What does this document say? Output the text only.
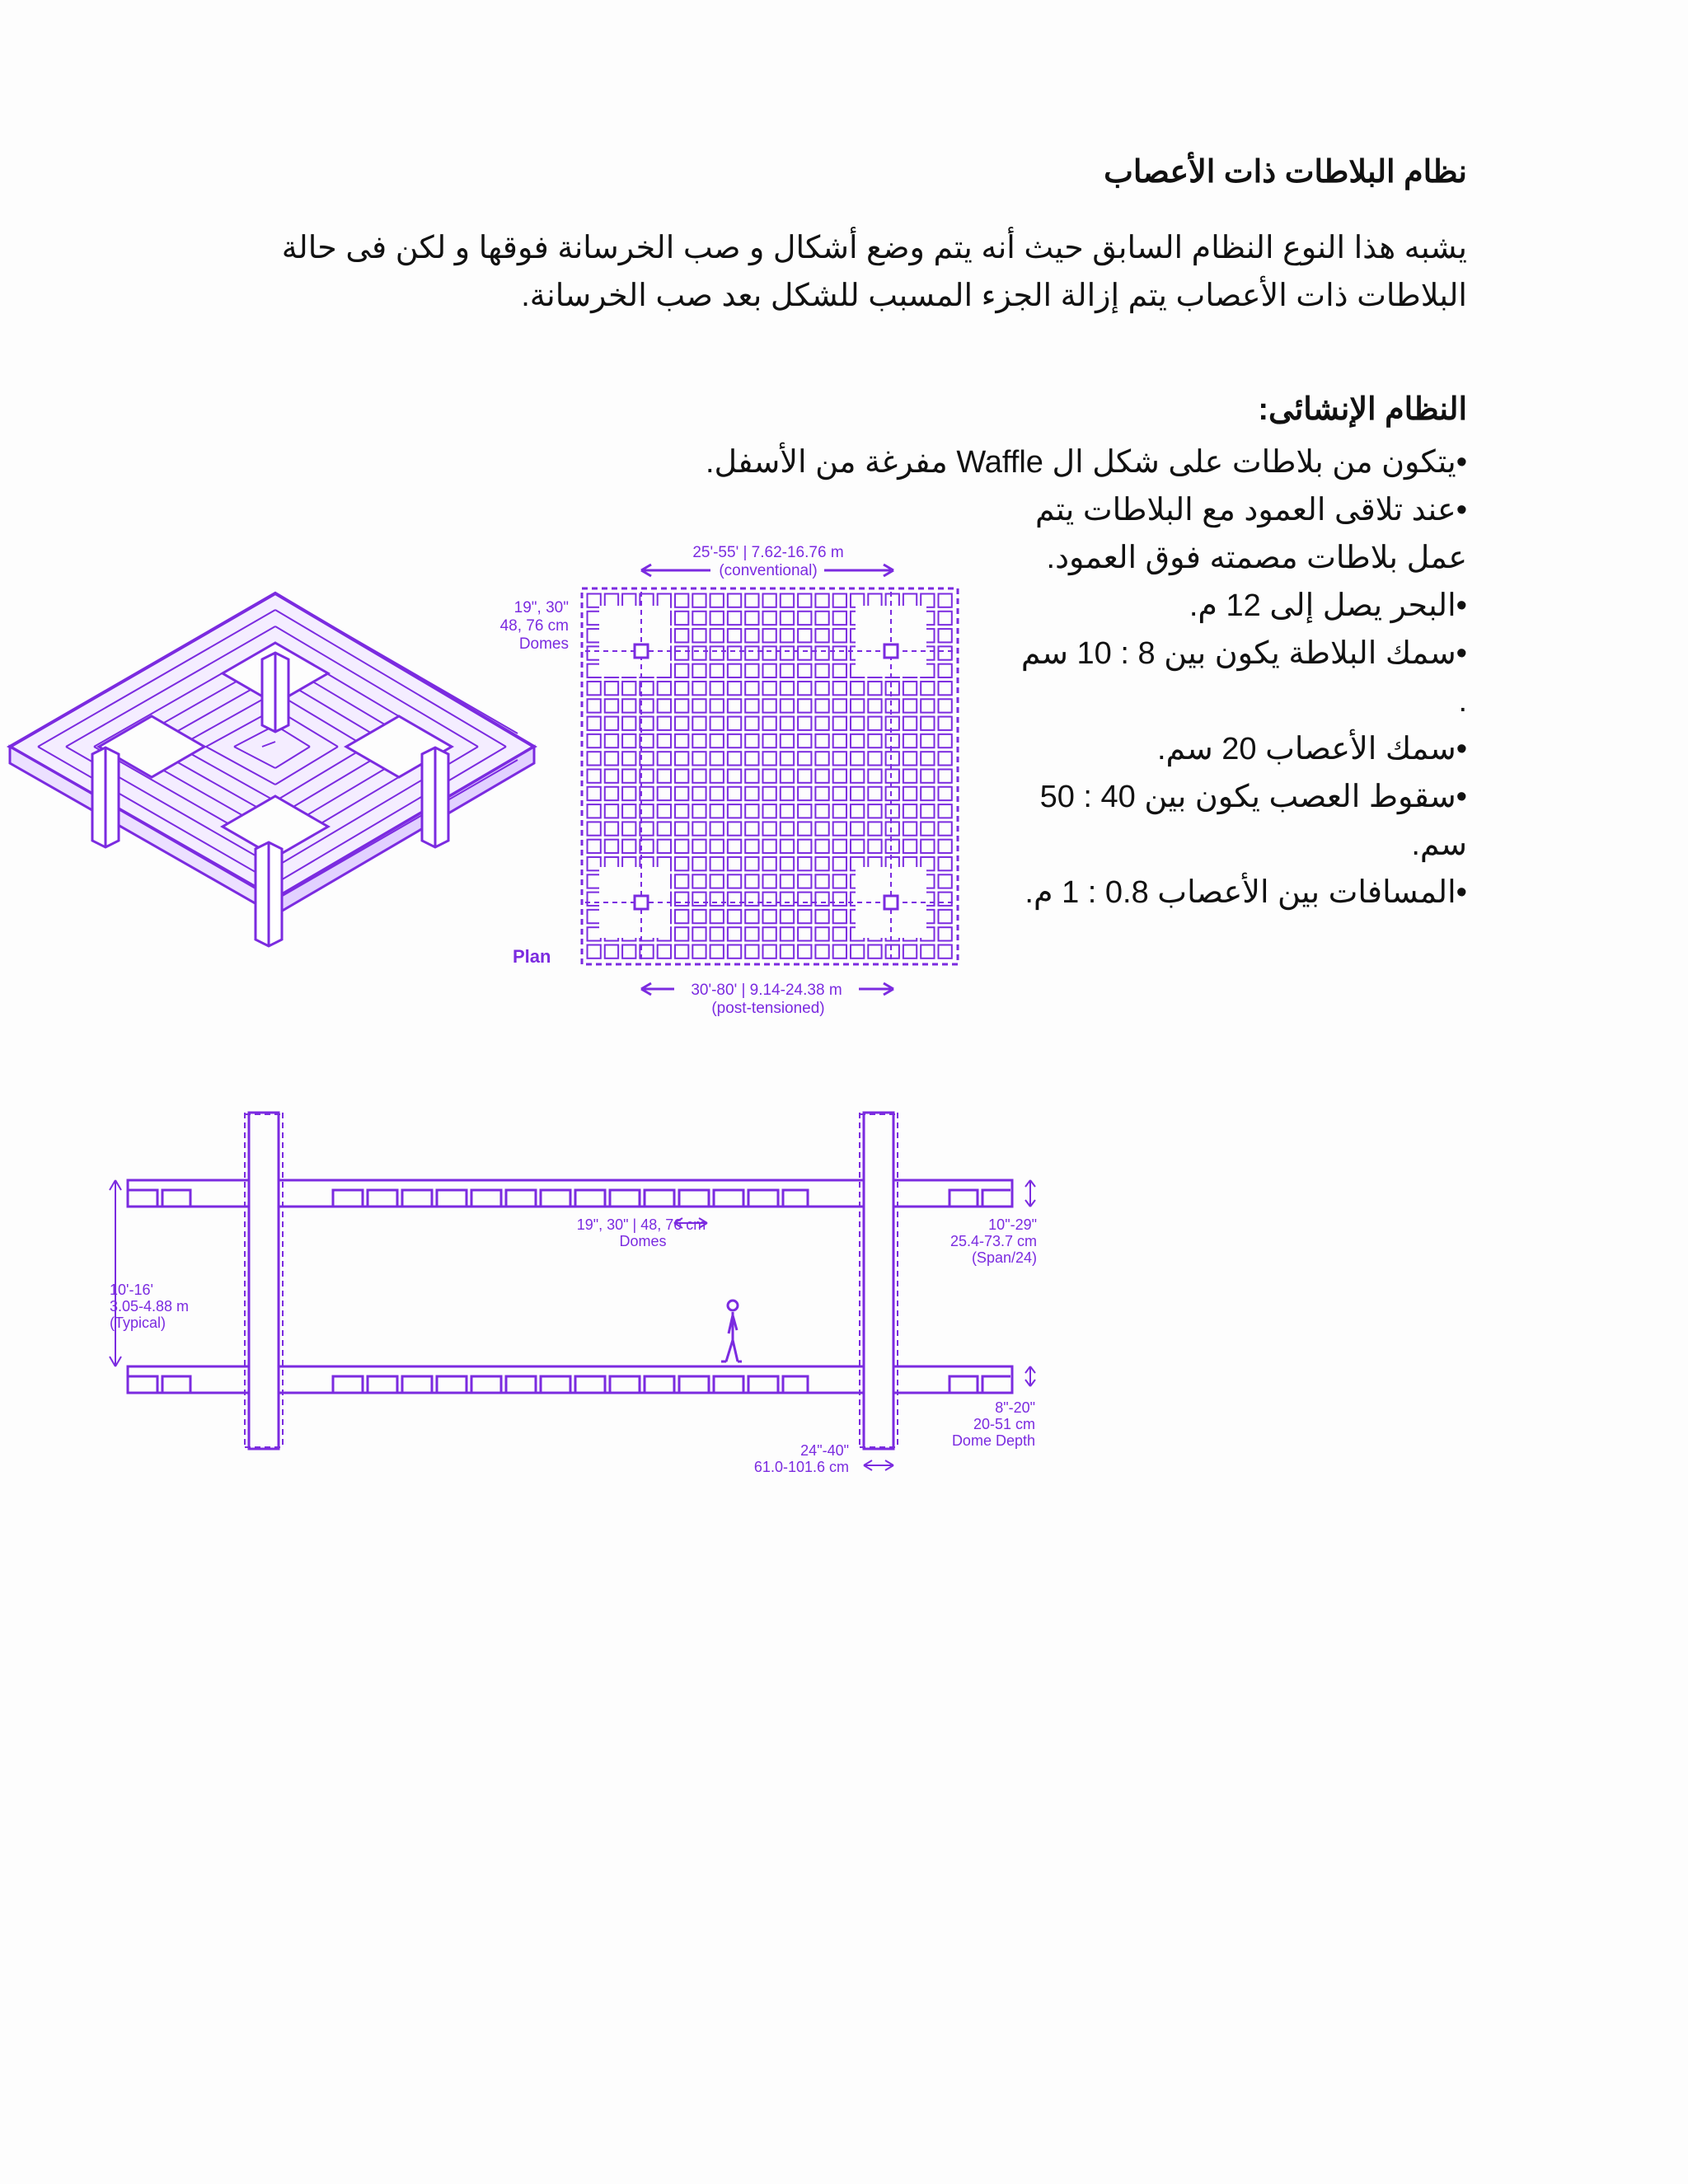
نظام البلاطات ذات الأعصاب
يشبه هذا النوع النظام السابق حيث أنه يتم وضع أشكال و صب الخرسانة فوقها و لكن فى حالة البلاطات ذات الأعصاب يتم إزالة الجزء المسبب للشكل بعد صب الخرسانة.
النظام الإنشائى:
•يتكون من بلاطات على شكل ال Waffle مفرغة من الأسفل.
•عند تلاقى العمود مع البلاطات يتم عمل بلاطات مصمته فوق العمود.
•البحر يصل إلى 12 م.
•سمك البلاطة يكون بين 8 : 10 سم .
•سمك الأعصاب 20 سم.
•سقوط العصب يكون بين 40 : 50 سم.
•المسافات بين الأعصاب 0.8 : 1 م.
25'-55' | 7.62-16.76 m
(conventional)
30'-80' | 9.14-24.38 m
(post-tensioned)
19", 30"
48, 76 cm
Domes
Plan
19", 30" | 48, 76 cm
Domes
10"-29"
25.4-73.7 cm
(Span/24)
10'-16'
3.05-4.88 m
(Typical)
8"-20"
20-51 cm
Dome Depth
24"-40"
61.0-101.6 cm
